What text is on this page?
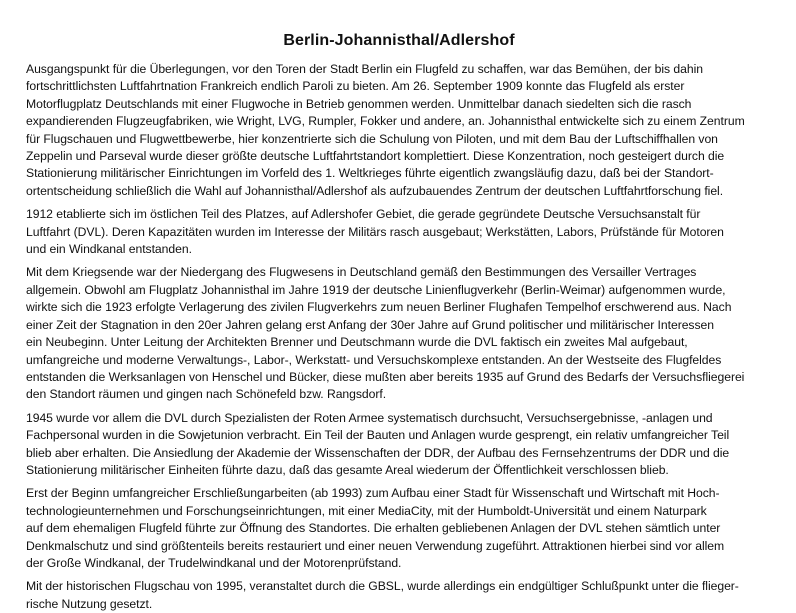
Berlin-Johannisthal/Adlershof

Ausgangspunkt für die Überlegungen, vor den Toren der Stadt Berlin ein Flugfeld zu schaffen, war das Bemühen, der bis dahin
fortschrittlichsten Luftfahrtnation Frankreich endlich Paroli zu bieten. Am 26. September 1909 konnte das Flugfeld als erster
Motorflugplatz Deutschlands mit einer Flugwoche in Betrieb genommen werden. Unmittelbar danach siedelten sich die rasch
expandierenden Flugzeugfabriken, wie Wright, LVG, Rumpler, Fokker und andere, an. Johannisthal entwickelte sich zu einem Zentrum
für Flugschauen und Flugwettbewerbe, hier konzentrierte sich die Schulung von Piloten, und mit dem Bau der Luftschiffhallen von
Zeppelin und Parseval wurde dieser größte deutsche Luftfahrtstandort komplettiert. Diese Konzentration, noch gesteigert durch die
Stationierung militärischer Einrichtungen im Vorfeld des 1. Weltkrieges führte eigentlich zwangsläufig dazu, daß bei der Standort-
ortentscheidung schließlich die Wahl auf Johannisthal/Adlershof als aufzubauendes Zentrum der deutschen Luftfahrtforschung fiel.

1912 etablierte sich im östlichen Teil des Platzes, auf Adlershofer Gebiet, die gerade gegründete Deutsche Versuchsanstalt für
Luftfahrt (DVL). Deren Kapazitäten wurden im Interesse der Militärs rasch ausgebaut; Werkstätten, Labors, Prüfstände für Motoren
und ein Windkanal entstanden.

Mit dem Kriegsende war der Niedergang des Flugwesens in Deutschland gemäß den Bestimmungen des Versailler Vertrages
allgemein. Obwohl am Flugplatz Johannisthal im Jahre 1919 der deutsche Linienflugverkehr (Berlin-Weimar) aufgenommen wurde,
wirkte sich die 1923 erfolgte Verlagerung des zivilen Flugverkehrs zum neuen Berliner Flughafen Tempelhof erschwerend aus. Nach
einer Zeit der Stagnation in den 20er Jahren gelang erst Anfang der 30er Jahre auf Grund politischer und militärischer Interessen
ein Neubeginn. Unter Leitung der Architekten Brenner und Deutschmann wurde die DVL faktisch ein zweites Mal aufgebaut,
umfangreiche und moderne Verwaltungs-, Labor-, Werkstatt- und Versuchskomplexe entstanden. An der Westseite des Flugfeldes
entstanden die Werksanlagen von Henschel und Bücker, diese mußten aber bereits 1935 auf Grund des Bedarfs der Versuchsfliegerei
den Standort räumen und gingen nach Schönefeld bzw. Rangsdorf.

1945 wurde vor allem die DVL durch Spezialisten der Roten Armee systematisch durchsucht, Versuchsergebnisse, -anlagen und
Fachpersonal wurden in die Sowjetunion verbracht. Ein Teil der Bauten und Anlagen wurde gesprengt, ein relativ umfangreicher Teil
blieb aber erhalten. Die Ansiedlung der Akademie der Wissenschaften der DDR, der Aufbau des Fernsehzentrums der DDR und die
Stationierung militärischer Einheiten führte dazu, daß das gesamte Areal wiederum der Öffentlichkeit verschlossen blieb.

Erst der Beginn umfangreicher Erschließungarbeiten (ab 1993) zum Aufbau einer Stadt für Wissenschaft und Wirtschaft mit Hoch-
technologieunternehmen und Forschungseinrichtungen, mit einer MediaCity, mit der Humboldt-Universität und einem Naturpark
auf dem ehemaligen Flugfeld führte zur Öffnung des Standortes. Die erhalten gebliebenen Anlagen der DVL stehen sämtlich unter
Denkmalschutz und sind größtenteils bereits restauriert und einer neuen Verwendung zugeführt. Attraktionen hierbei sind vor allem
der Große Windkanal, der Trudelwindkanal und der Motorenprüfstand.

Mit der historischen Flugschau von 1995, veranstaltet durch die GBSL, wurde allerdings ein endgültiger Schlußpunkt unter die flieger-
rische Nutzung gesetzt.
